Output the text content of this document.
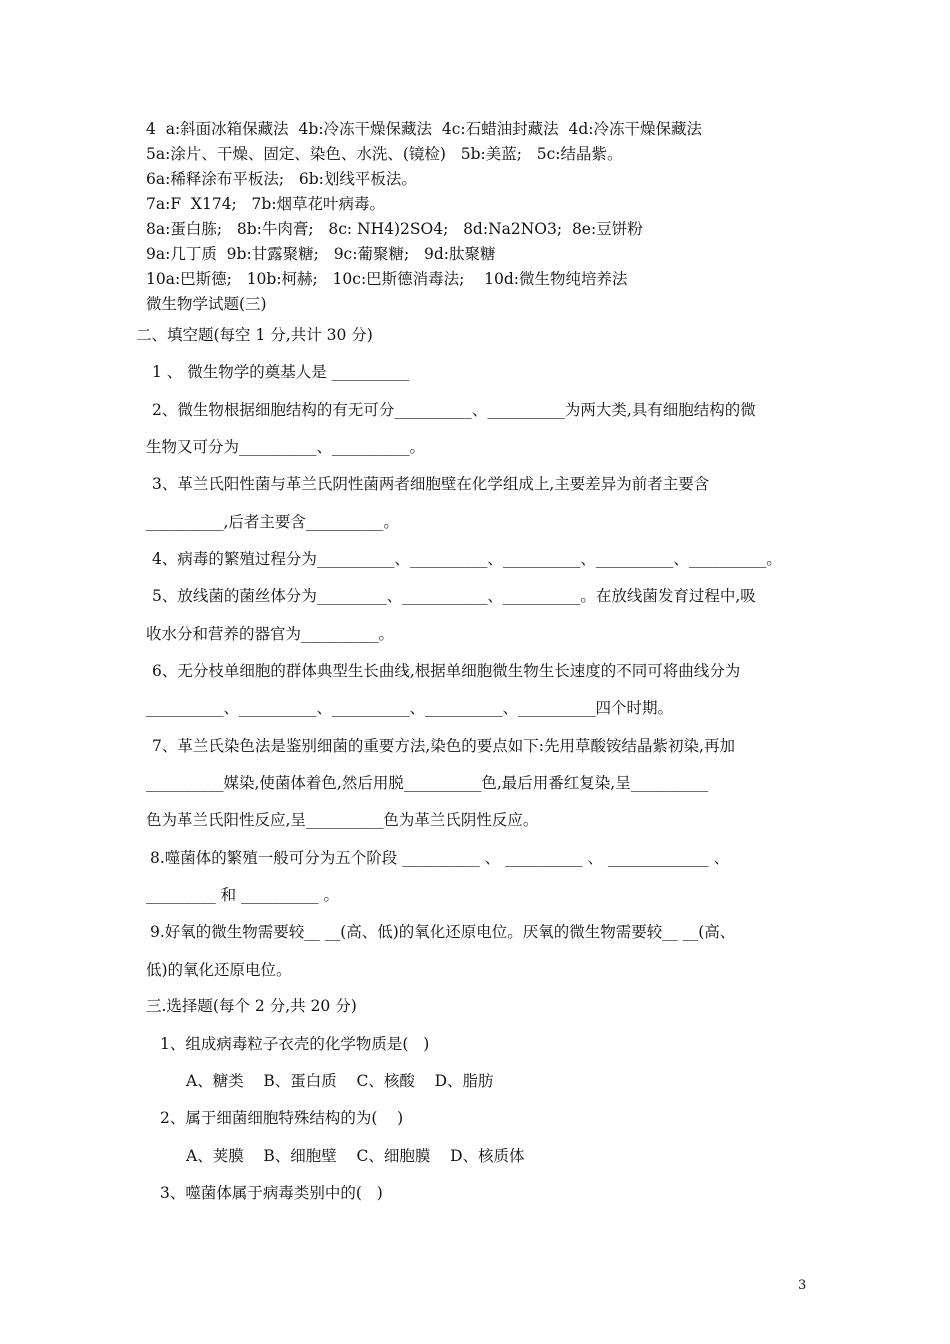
4  a:斜面冰箱保藏法  4b:冷冻干燥保藏法  4c:石蜡油封藏法  4d:冷冻干燥保藏法
5a:涂片、干燥、固定、染色、水洗、(镜检)   5b:美蓝;   5c:结晶紫。
6a:稀释涂布平板法;   6b:划线平板法。
7a:F  X174;   7b:烟草花叶病毒。
8a:蛋白胨;   8b:牛肉膏;   8c: NH4)2SO4;   8d:Na2NO3;  8e:豆饼粉
9a:几丁质  9b:甘露聚糖;   9c:葡聚糖;   9d:肽聚糖
10a:巴斯德;   10b:柯赫;   10c:巴斯德消毒法;    10d:微生物纯培养法
微生物学试题(三)
二、填空题(每空 1 分,共计 30 分)
1 、 微生物学的奠基人是 __________
2、微生物根据细胞结构的有无可分__________、__________为两大类,具有细胞结构的微
生物又可分为__________、__________。
3、革兰氏阳性菌与革兰氏阴性菌两者细胞壁在化学组成上,主要差异为前者主要含
__________,后者主要含__________。
4、病毒的繁殖过程分为__________、__________、__________、__________、__________。
5、放线菌的菌丝体分为_________、___________、__________。在放线菌发育过程中,吸
收水分和营养的器官为__________。
6、无分枝单细胞的群体典型生长曲线,根据单细胞微生物生长速度的不同可将曲线分为
__________、__________、__________、__________、__________四个时期。
7、革兰氏染色法是鉴别细菌的重要方法,染色的要点如下:先用草酸铵结晶紫初染,再加
__________媒染,使菌体着色,然后用脱__________色,最后用番红复染,呈__________
色为革兰氏阳性反应,呈__________色为革兰氏阴性反应。
8.噬菌体的繁殖一般可分为五个阶段 __________ 、 __________ 、 _____________ 、
_________ 和 __________ 。
9.好氧的微生物需要较__ __(高、低)的氧化还原电位。厌氧的微生物需要较__ __(高、
低)的氧化还原电位。
三.选择题(每个 2 分,共 20 分)
1、组成病毒粒子衣壳的化学物质是(   )
A、糖类    B、蛋白质    C、核酸    D、脂肪
2、属于细菌细胞特殊结构的为(    )
A、荚膜    B、细胞壁    C、细胞膜    D、核质体
3、噬菌体属于病毒类别中的(   )
3
